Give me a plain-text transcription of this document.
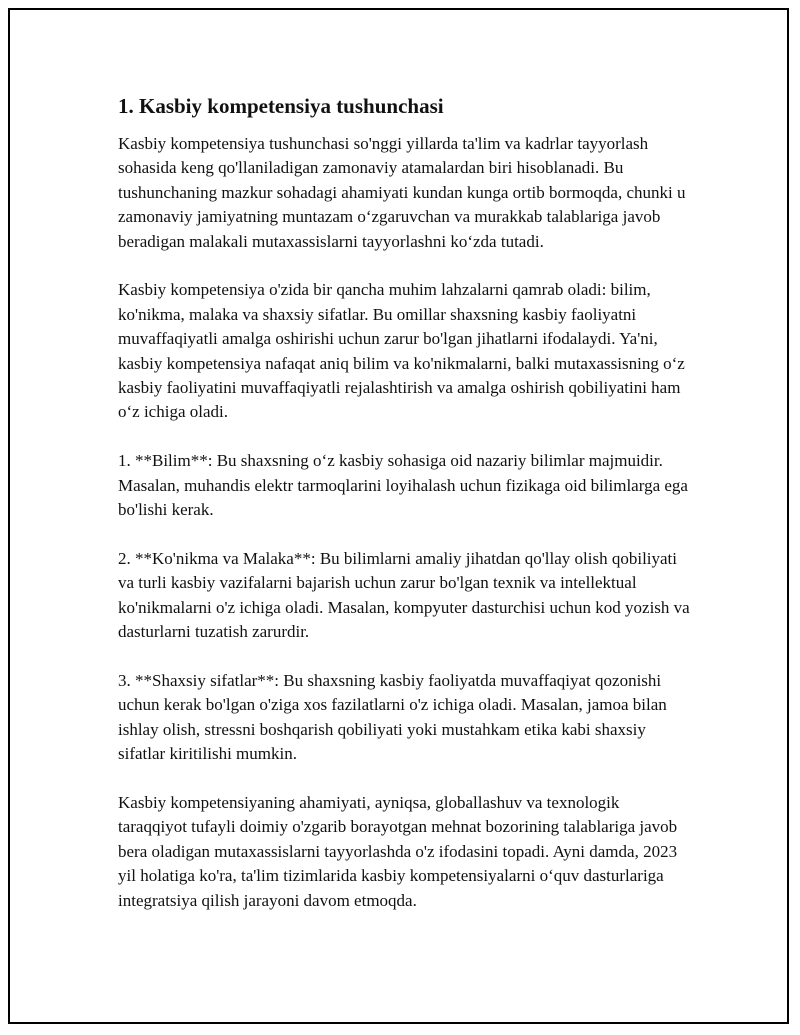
1. Kasbiy kompetensiya tushunchasi

Kasbiy kompetensiya tushunchasi so'nggi yillarda ta'lim va kadrlar tayyorlash sohasida keng qo'llaniladigan zamonaviy atamalardan biri hisoblanadi. Bu tushunchaning mazkur sohadagi ahamiyati kundan kunga ortib bormoqda, chunki u zamonaviy jamiyatning muntazam o‘zgaruvchan va murakkab talablariga javob beradigan malakali mutaxassislarni tayyorlashni ko‘zda tutadi.

Kasbiy kompetensiya o'zida bir qancha muhim lahzalarni qamrab oladi: bilim, ko'nikma, malaka va shaxsiy sifatlar. Bu omillar shaxsning kasbiy faoliyatni muvaffaqiyatli amalga oshirishi uchun zarur bo'lgan jihatlarni ifodalaydi. Ya'ni, kasbiy kompetensiya nafaqat aniq bilim va ko'nikmalarni, balki mutaxassisning o‘z kasbiy faoliyatini muvaffaqiyatli rejalashtirish va amalga oshirish qobiliyatini ham o‘z ichiga oladi.

1. **Bilim**: Bu shaxsning o‘z kasbiy sohasiga oid nazariy bilimlar majmuidir. Masalan, muhandis elektr tarmoqlarini loyihalash uchun fizikaga oid bilimlarga ega bo'lishi kerak.

2. **Ko'nikma va Malaka**: Bu bilimlarni amaliy jihatdan qo'llay olish qobiliyati va turli kasbiy vazifalarni bajarish uchun zarur bo'lgan texnik va intellektual ko'nikmalarni o'z ichiga oladi. Masalan, kompyuter dasturchisi uchun kod yozish va dasturlarni tuzatish zarurdir.

3. **Shaxsiy sifatlar**: Bu shaxsning kasbiy faoliyatda muvaffaqiyat qozonishi uchun kerak bo'lgan o'ziga xos fazilatlarni o'z ichiga oladi. Masalan, jamoa bilan ishlay olish, stressni boshqarish qobiliyati yoki mustahkam etika kabi shaxsiy sifatlar kiritilishi mumkin.

Kasbiy kompetensiyaning ahamiyati, ayniqsa, globallashuv va texnologik taraqqiyot tufayli doimiy o'zgarib borayotgan mehnat bozorining talablariga javob bera oladigan mutaxassislarni tayyorlashda o'z ifodasini topadi. Ayni damda, 2023 yil holatiga ko'ra, ta'lim tizimlarida kasbiy kompetensiyalarni o‘quv dasturlariga integratsiya qilish jarayoni davom etmoqda.
